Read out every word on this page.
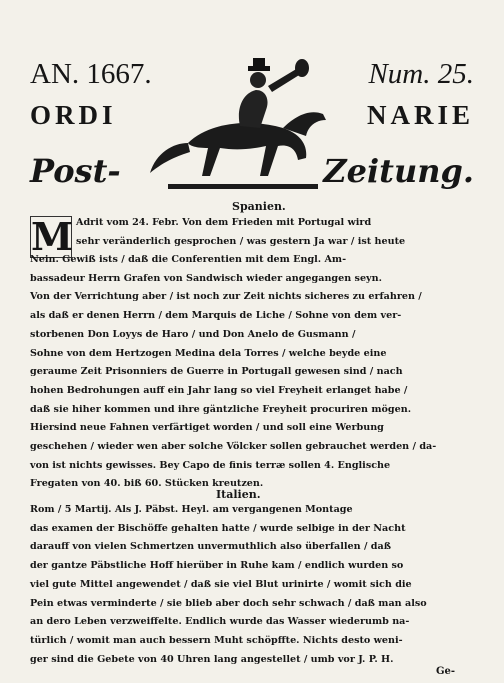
AN. 1667.	Num. 25.
ORDI	NARIE
Post-	Zeitung.
Spanien.
M Adrit vom 24. Febr. Von dem Frieden mit Portugal wird
sehr veränderlich gesprochen / was gestern Ja war / ist heute
Nein. Gewiß ists / daß die Conferentien mit dem Engl. Am-
bassadeur Herrn Grafen von Sandwisch wieder angegangen seyn.
Von der Verrichtung aber / ist noch zur Zeit nichts sicheres zu erfahren /
als daß er denen Herrn / dem Marquis de Liche / Sohne von dem ver-
storbenen Don Loyys de Haro / und Don Anelo de Gusmann /
Sohne von dem Hertzogen Medina dela Torres / welche beyde eine
geraume Zeit Prisonniers de Guerre in Portugall gewesen sind / nach
hohen Bedrohungen auff ein Jahr lang so viel Freyheit erlanget habe /
daß sie hiher kommen und ihre gäntzliche Freyheit procuriren mögen.
Hiersind neue Fahnen verfärtiget worden / und soll eine Werbung
geschehen / wieder wen aber solche Völcker sollen gebrauchet werden / da-
von ist nichts gewisses. Bey Capo de finis terræ sollen 4. Englische
Fregaten von 40. biß 60. Stücken kreutzen.
Italien.
Rom / 5 Martij. Als J. Päbst. Heyl. am vergangenen Montage
das examen der Bischöffe gehalten hatte / wurde selbige in der Nacht
darauff von vielen Schmertzen unvermuthlich also überfallen / daß
der gantze Päbstliche Hoff hierüber in Ruhe kam / endlich wurden so
viel gute Mittel angewendet / daß sie viel Blut urinirte / womit sich die
Pein etwas verminderte / sie blieb aber doch sehr schwach / daß man also
an dero Leben verzweiffelte. Endlich wurde das Wasser wiederumb na-
türlich / womit man auch bessern Muht schöpffte. Nichts desto weni-
ger sind die Gebete von 40 Uhren lang angestellet / umb vor J. P. H.
Ge-
